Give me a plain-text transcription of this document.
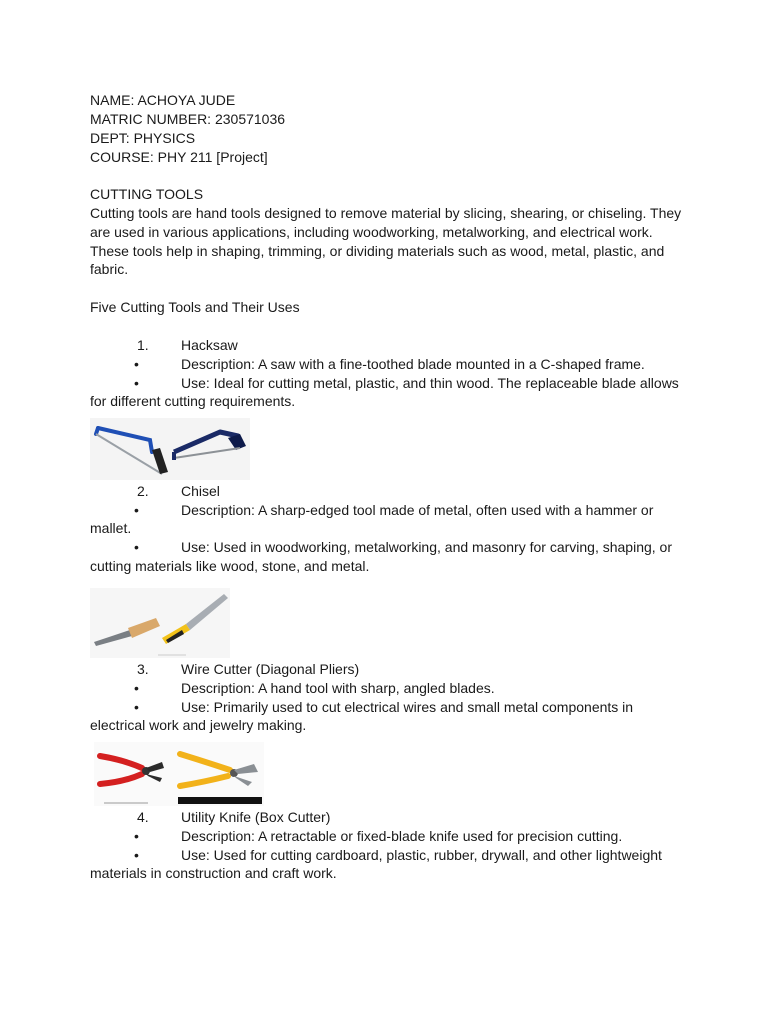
NAME: ACHOYA JUDE
MATRIC NUMBER: 230571036
DEPT: PHYSICS
COURSE: PHY 211 [Project]
CUTTING TOOLS
Cutting tools are hand tools designed to remove material by slicing, shearing, or chiseling. They
are used in various applications, including woodworking, metalworking, and electrical work.
These tools help in shaping, trimming, or dividing materials such as wood, metal, plastic, and
fabric.
Five Cutting Tools and Their Uses
1. Hacksaw
•	Description: A saw with a fine-toothed blade mounted in a C-shaped frame.
•	Use: Ideal for cutting metal, plastic, and thin wood. The replaceable blade allows
for different cutting requirements.
2. Chisel
•	Description: A sharp-edged tool made of metal, often used with a hammer or
mallet.
•	Use: Used in woodworking, metalworking, and masonry for carving, shaping, or
cutting materials like wood, stone, and metal.
3. Wire Cutter (Diagonal Pliers)
•	Description: A hand tool with sharp, angled blades.
•	Use: Primarily used to cut electrical wires and small metal components in
electrical work and jewelry making.
4. Utility Knife (Box Cutter)
•	Description: A retractable or fixed-blade knife used for precision cutting.
•	Use: Used for cutting cardboard, plastic, rubber, drywall, and other lightweight
materials in construction and craft work.
